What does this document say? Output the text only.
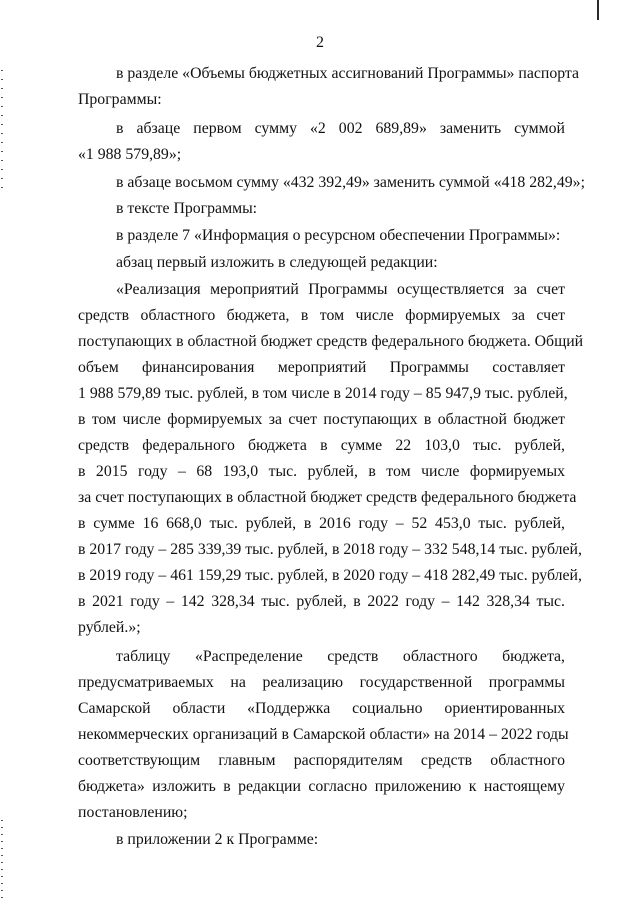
2
в разделе «Объемы бюджетных ассигнований Программы» паспорта
Программы:
в абзаце первом сумму «2 002 689,89» заменить суммой
«1 988 579,89»;
в абзаце восьмом сумму «432 392,49» заменить суммой «418 282,49»;
в тексте Программы:
в разделе 7 «Информация о ресурсном обеспечении Программы»:
абзац первый изложить в следующей редакции:
«Реализация мероприятий Программы осуществляется за счет
средств областного бюджета, в том числе формируемых за счет
поступающих в областной бюджет средств федерального бюджета. Общий
объем финансирования мероприятий Программы составляет
1 988 579,89 тыс. рублей, в том числе в 2014 году – 85 947,9 тыс. рублей,
в том числе формируемых за счет поступающих в областной бюджет
средств федерального бюджета в сумме 22 103,0 тыс. рублей,
в 2015 году – 68 193,0 тыс. рублей, в том числе формируемых
за счет поступающих в областной бюджет средств федерального бюджета
в сумме 16 668,0 тыс. рублей, в 2016 году – 52 453,0 тыс. рублей,
в 2017 году – 285 339,39 тыс. рублей, в 2018 году – 332 548,14 тыс. рублей,
в 2019 году – 461 159,29 тыс. рублей, в 2020 году – 418 282,49 тыс. рублей,
в 2021 году – 142 328,34 тыс. рублей, в 2022 году – 142 328,34 тыс.
рублей.»;
таблицу «Распределение средств областного бюджета,
предусматриваемых на реализацию государственной программы
Самарской области «Поддержка социально ориентированных
некоммерческих организаций в Самарской области» на 2014 – 2022 годы
соответствующим главным распорядителям средств областного
бюджета» изложить в редакции согласно приложению к настоящему
постановлению;
в приложении 2 к Программе:
